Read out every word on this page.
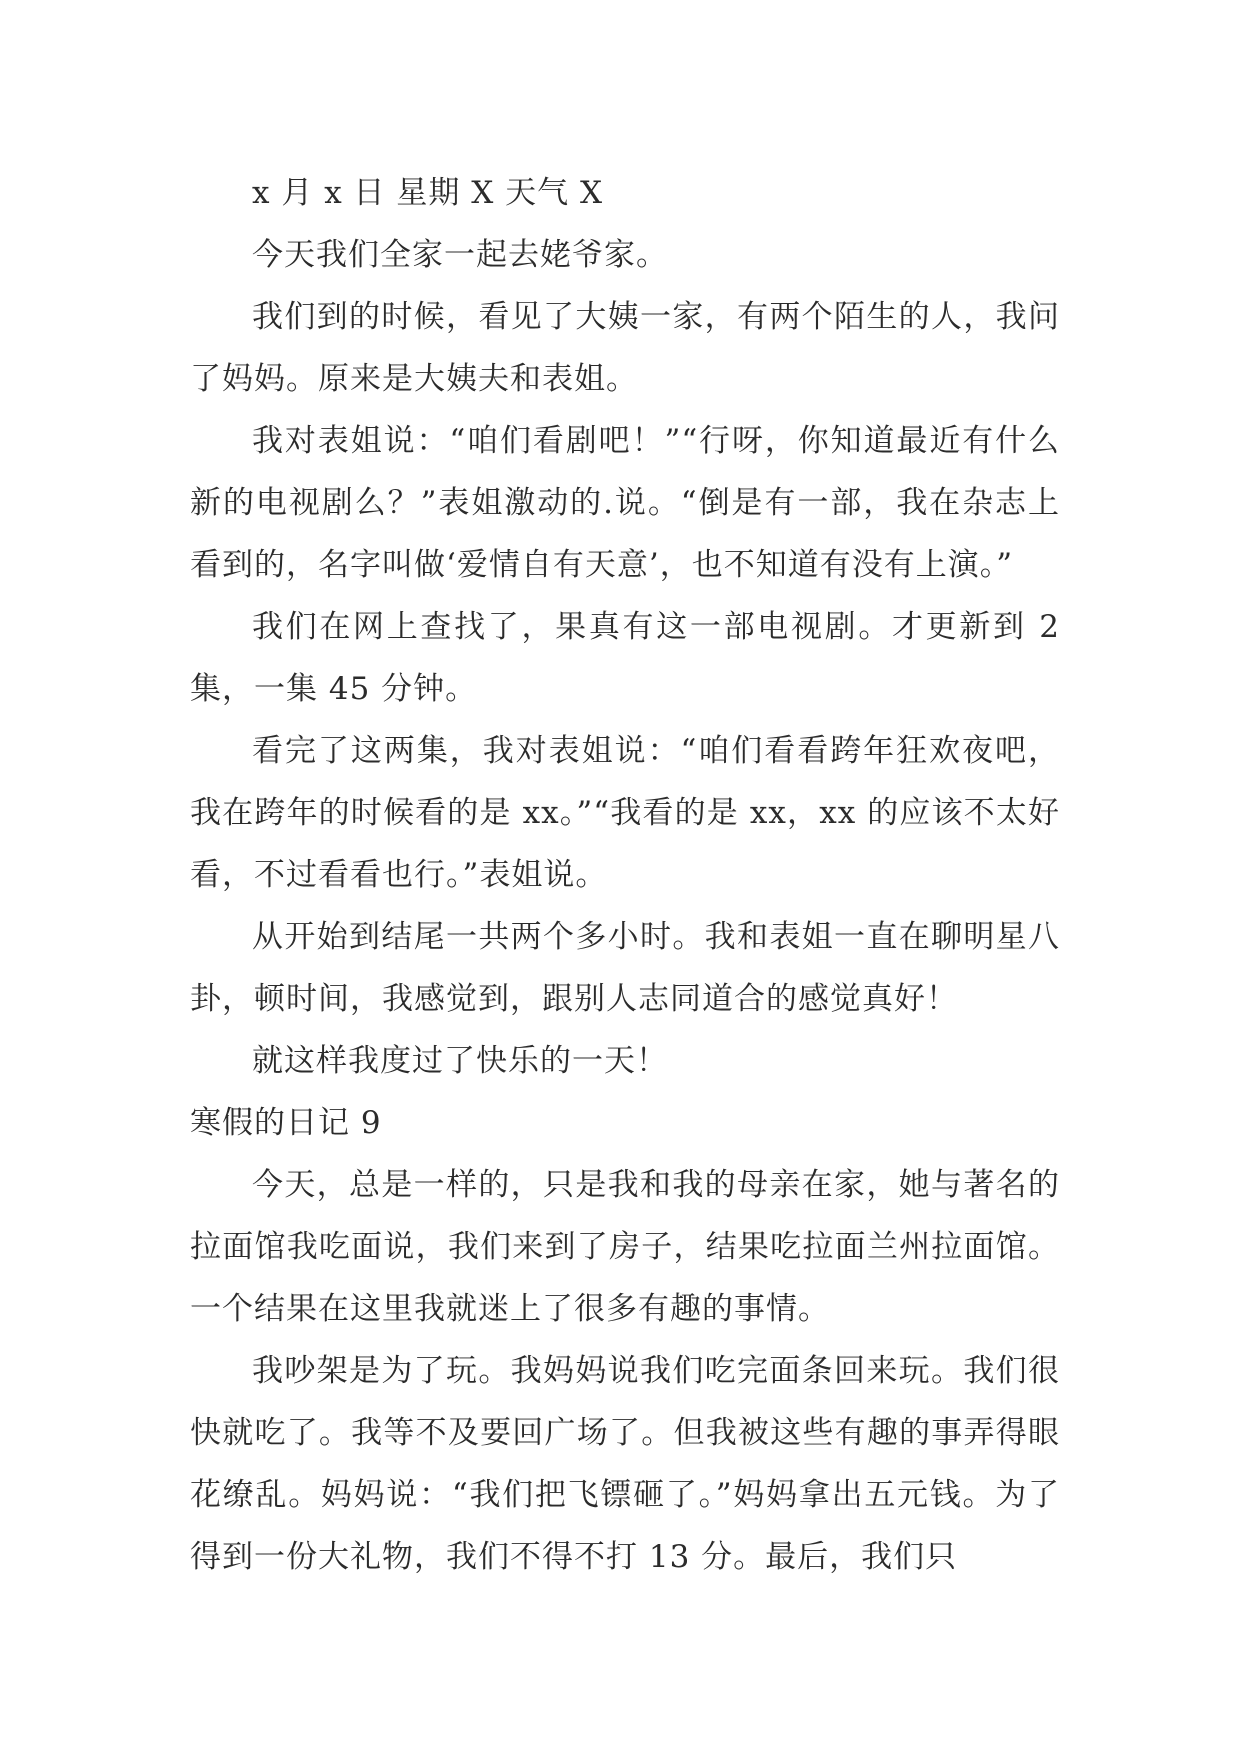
x 月 x 日 星期 X 天气 X

今天我们全家一起去姥爷家。

我们到的时候，看见了大姨一家，有两个陌生的人，我问了妈妈。原来是大姨夫和表姐。

我对表姐说：“咱们看剧吧！”“行呀，你知道最近有什么新的电视剧么？”表姐激动的.说。“倒是有一部，我在杂志上看到的，名字叫做‘爱情自有天意’，也不知道有没有上演。”

我们在网上查找了，果真有这一部电视剧。才更新到 2 集，一集 45 分钟。

看完了这两集，我对表姐说：“咱们看看跨年狂欢夜吧，我在跨年的时候看的是 xx。”“我看的是 xx，xx 的应该不太好看，不过看看也行。”表姐说。

从开始到结尾一共两个多小时。我和表姐一直在聊明星八卦，顿时间，我感觉到，跟别人志同道合的感觉真好！

就这样我度过了快乐的一天！

寒假的日记 9

今天，总是一样的，只是我和我的母亲在家，她与著名的拉面馆我吃面说，我们来到了房子，结果吃拉面兰州拉面馆。一个结果在这里我就迷上了很多有趣的事情。

我吵架是为了玩。我妈妈说我们吃完面条回来玩。我们很快就吃了。我等不及要回广场了。但我被这些有趣的事弄得眼花缭乱。妈妈说：“我们把飞镖砸了。”妈妈拿出五元钱。为了得到一份大礼物，我们不得不打 13 分。最后，我们只
